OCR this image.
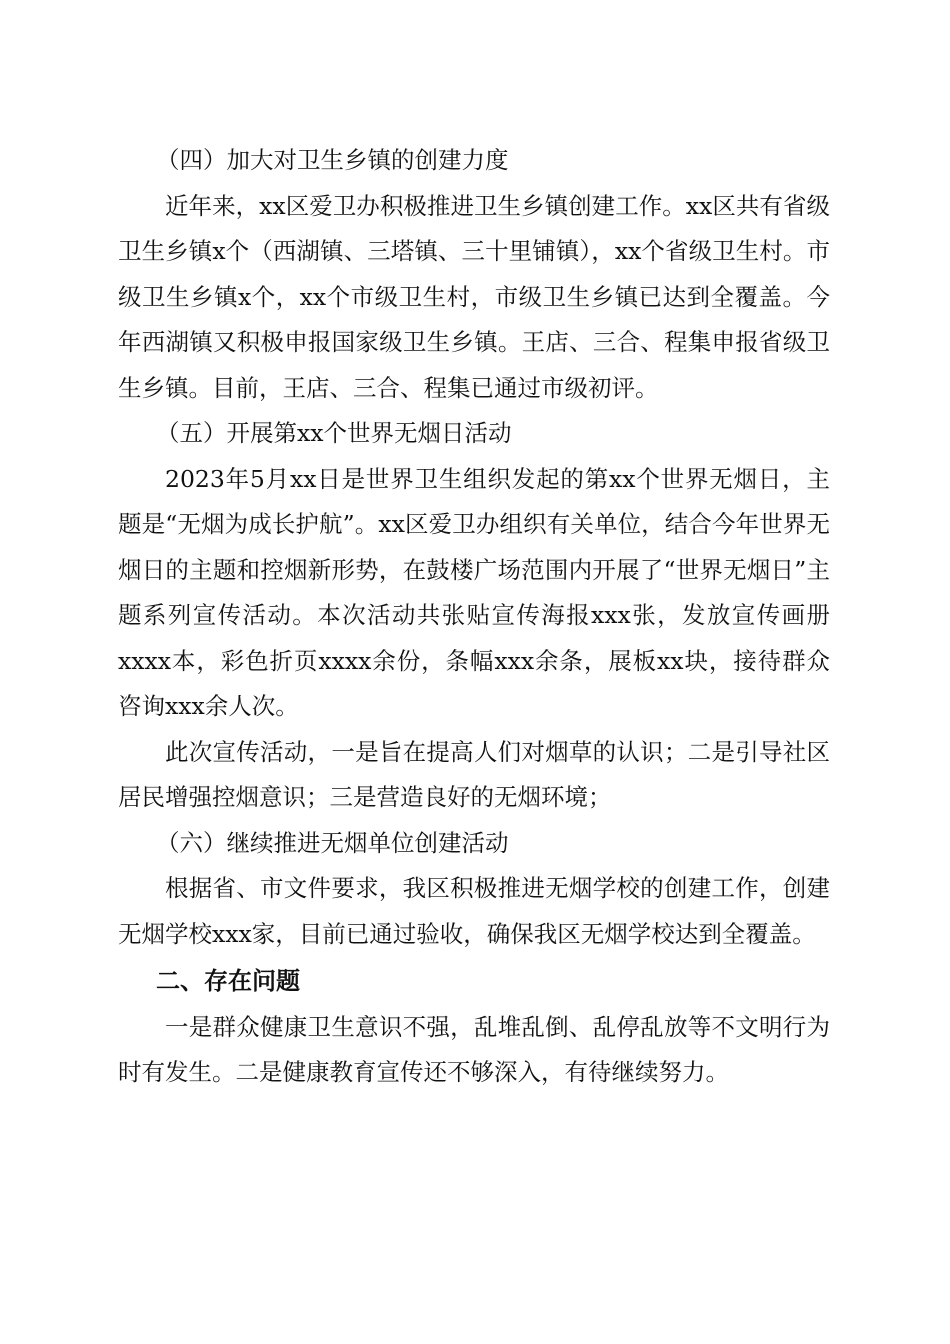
（四）加大对卫生乡镇的创建力度

近年来，xx区爱卫办积极推进卫生乡镇创建工作。xx区共有省级卫生乡镇x个（西湖镇、三塔镇、三十里铺镇），xx个省级卫生村。市级卫生乡镇x个，xx个市级卫生村，市级卫生乡镇已达到全覆盖。今年西湖镇又积极申报国家级卫生乡镇。王店、三合、程集申报省级卫生乡镇。目前，王店、三合、程集已通过市级初评。

（五）开展第xx个世界无烟日活动

2023年5月xx日是世界卫生组织发起的第xx个世界无烟日，主题是“无烟为成长护航”。xx区爱卫办组织有关单位，结合今年世界无烟日的主题和控烟新形势，在鼓楼广场范围内开展了“世界无烟日”主题系列宣传活动。本次活动共张贴宣传海报xxx张，发放宣传画册xxxx本，彩色折页xxxx余份，条幅xxx余条，展板xx块，接待群众咨询xxx余人次。

此次宣传活动，一是旨在提高人们对烟草的认识；二是引导社区居民增强控烟意识；三是营造良好的无烟环境；

（六）继续推进无烟单位创建活动

根据省、市文件要求，我区积极推进无烟学校的创建工作，创建无烟学校xxx家，目前已通过验收，确保我区无烟学校达到全覆盖。

二、存在问题

一是群众健康卫生意识不强，乱堆乱倒、乱停乱放等不文明行为时有发生。二是健康教育宣传还不够深入，有待继续努力。
